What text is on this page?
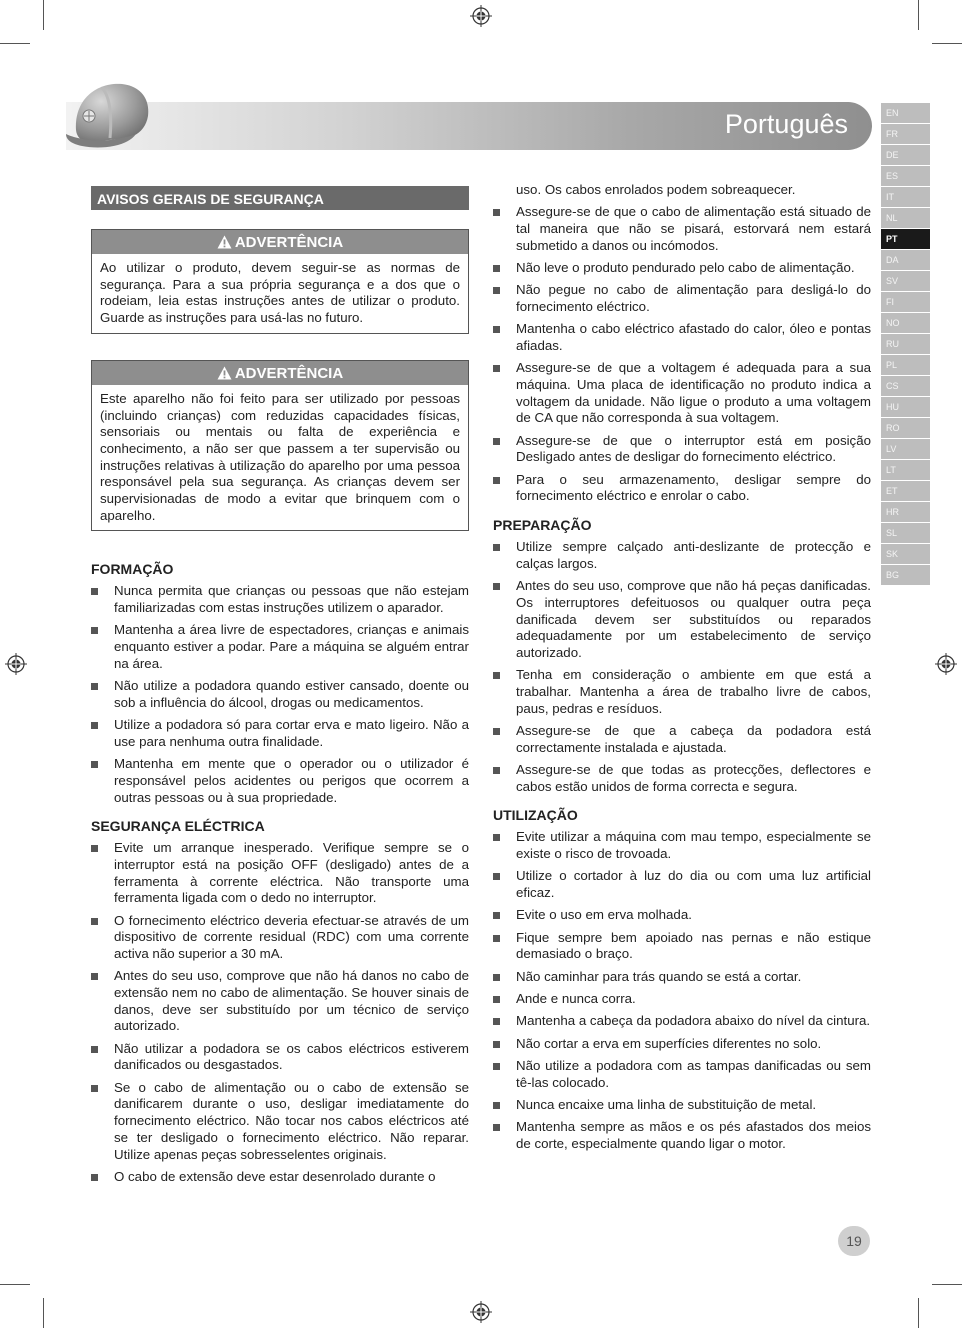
Português	EN
FR
DE
ES
IT
NL
PT
DA
SV
FI
NO
RU
PL
CS
HU
RO
LV
LT
ET
HR
SL
SK
BG
AVISOS GERAIS DE SEGURANÇA
ADVERTÊNCIA
Ao utilizar o produto, devem seguir-se as normas de segurança. Para a sua própria segurança e a dos que o rodeiam, leia estas instruções antes de utilizar o produto. Guarde as instruções para usá-las no futuro.
ADVERTÊNCIA
Este aparelho não foi feito para ser utilizado por pessoas (incluindo crianças) com reduzidas capacidades físicas, sensoriais ou mentais ou falta de experiência e conhecimento, a não ser que passem a ter supervisão ou instruções relativas à utilização do aparelho por uma pessoa responsável pela sua segurança. As crianças devem ser supervisionadas de modo a evitar que brinquem com o aparelho.
FORMAÇÃO
Nunca permita que crianças ou pessoas que não estejam familiarizadas com estas instruções utilizem o aparador.
Mantenha a área livre de espectadores, crianças e animais enquanto estiver a podar. Pare a máquina se alguém entrar na área.
Não utilize a podadora quando estiver cansado, doente ou sob a influência do álcool, drogas ou medicamentos.
Utilize a podadora só para cortar erva e mato ligeiro. Não a use para nenhuma outra finalidade.
Mantenha em mente que o operador ou o utilizador é responsável pelos acidentes ou perigos que ocorrem a outras pessoas ou à sua propriedade.
SEGURANÇA ELÉCTRICA
Evite um arranque inesperado. Verifique sempre se o interruptor está na posição OFF (desligado) antes de a ferramenta à corrente eléctrica. Não transporte uma ferramenta ligada com o dedo no interruptor.
O fornecimento eléctrico deveria efectuar-se através de um dispositivo de corrente residual (RDC) com uma corrente activa não superior a 30 mA.
Antes do seu uso, comprove que não há danos no cabo de extensão nem no cabo de alimentação. Se houver sinais de danos, deve ser substituído por um técnico de serviço autorizado.
Não utilizar a podadora se os cabos eléctricos estiverem danificados ou desgastados.
Se o cabo de alimentação ou o cabo de extensão se danificarem durante o uso, desligar imediatamente do fornecimento eléctrico. Não tocar nos cabos eléctricos até se ter desligado o fornecimento eléctrico. Não reparar. Utilize apenas peças sobresselentes originais.
O cabo de extensão deve estar desenrolado durante o
uso. Os cabos enrolados podem sobreaquecer.
Assegure-se de que o cabo de alimentação está situado de tal maneira que não se pisará, estorvará nem estará submetido a danos ou incómodos.
Não leve o produto pendurado pelo cabo de alimentação.
Não pegue no cabo de alimentação para desligá-lo do fornecimento eléctrico.
Mantenha o cabo eléctrico afastado do calor, óleo e pontas afiadas.
Assegure-se de que a voltagem é adequada para a sua máquina. Uma placa de identificação no produto indica a voltagem da unidade. Não ligue o produto a uma voltagem de CA que não corresponda à sua voltagem.
Assegure-se de que o interruptor está em posição Desligado antes de desligar do fornecimento eléctrico.
Para o seu armazenamento, desligar sempre do fornecimento eléctrico e enrolar o cabo.
PREPARAÇÃO
Utilize sempre calçado anti-deslizante de protecção e calças largos.
Antes do seu uso, comprove que não há peças danificadas. Os interruptores defeituosos ou qualquer outra peça danificada devem ser substituídos ou reparados adequadamente por um estabelecimento de serviço autorizado.
Tenha em consideração o ambiente em que está a trabalhar. Mantenha a área de trabalho livre de cabos, paus, pedras e resíduos.
Assegure-se de que a cabeça da podadora está correctamente instalada e ajustada.
Assegure-se de que todas as protecções, deflectores e cabos estão unidos de forma correcta e segura.
UTILIZAÇÃO
Evite utilizar a máquina com mau tempo, especialmente se existe o risco de trovoada.
Utilize o cortador à luz do dia ou com uma luz artificial eficaz.
Evite o uso em erva molhada.
Fique sempre bem apoiado nas pernas e não estique demasiado o braço.
Não caminhar para trás quando se está a cortar.
Ande e nunca corra.
Mantenha a cabeça da podadora abaixo do nível da cintura.
Não cortar a erva em superfícies diferentes no solo.
Não utilize a podadora com as tampas danificadas ou sem tê-las colocado.
Nunca encaixe uma linha de substituição de metal.
Mantenha sempre as mãos e os pés afastados dos meios de corte, especialmente quando ligar o motor.
19
